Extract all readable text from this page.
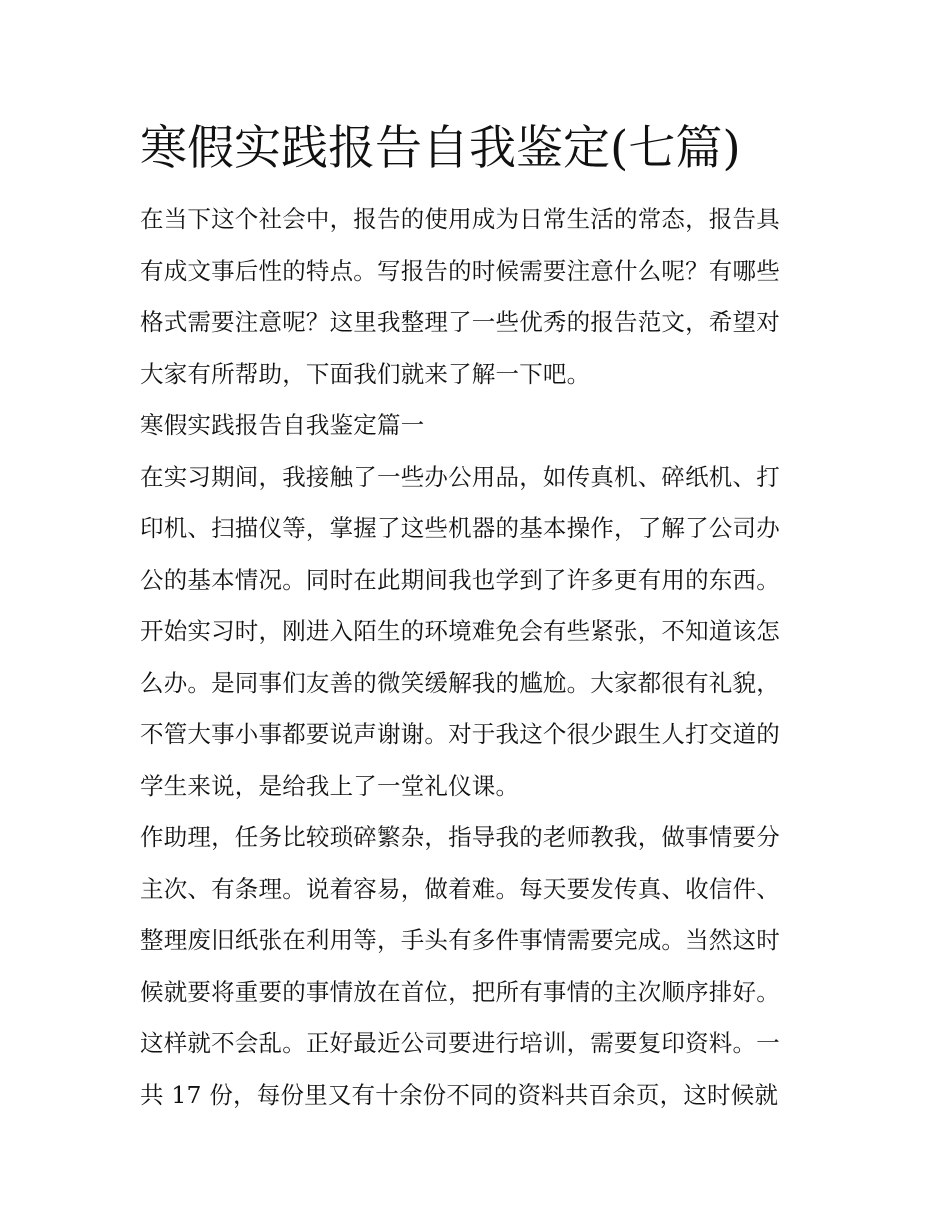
寒假实践报告自我鉴定(七篇)
在当下这个社会中，报告的使用成为日常生活的常态，报告具
有成文事后性的特点。写报告的时候需要注意什么呢？有哪些
格式需要注意呢？这里我整理了一些优秀的报告范文，希望对
大家有所帮助，下面我们就来了解一下吧。
寒假实践报告自我鉴定篇一
在实习期间，我接触了一些办公用品，如传真机、碎纸机、打
印机、扫描仪等，掌握了这些机器的基本操作，了解了公司办
公的基本情况。同时在此期间我也学到了许多更有用的东西。
开始实习时，刚进入陌生的环境难免会有些紧张，不知道该怎
么办。是同事们友善的微笑缓解我的尴尬。大家都很有礼貌，
不管大事小事都要说声谢谢。对于我这个很少跟生人打交道的
学生来说，是给我上了一堂礼仪课。
作助理，任务比较琐碎繁杂，指导我的老师教我，做事情要分
主次、有条理。说着容易，做着难。每天要发传真、收信件、
整理废旧纸张在利用等，手头有多件事情需要完成。当然这时
候就要将重要的事情放在首位，把所有事情的主次顺序排好。
这样就不会乱。正好最近公司要进行培训，需要复印资料。一
共 17 份，每份里又有十余份不同的资料共百余页，这时候就
